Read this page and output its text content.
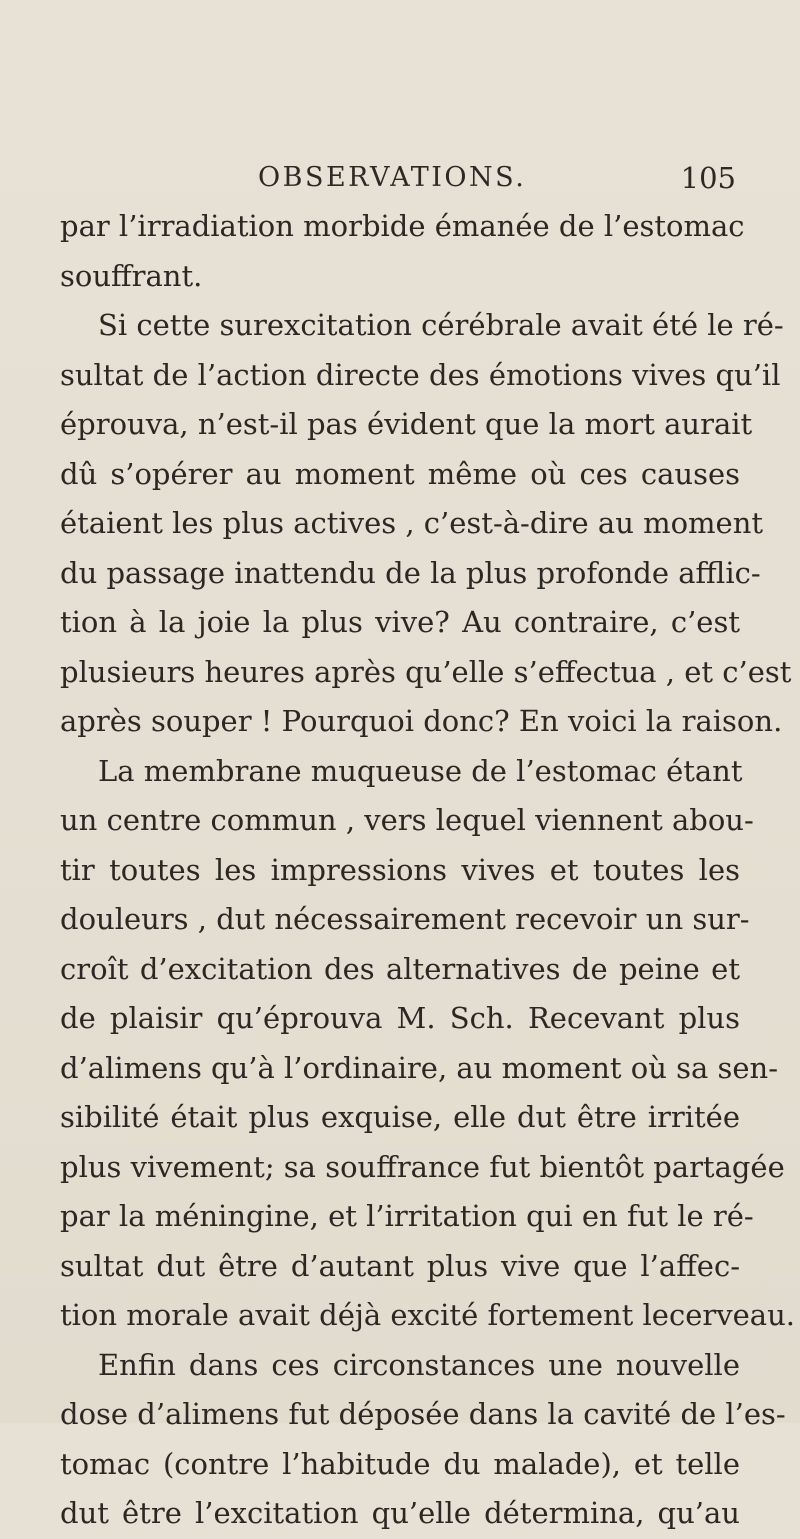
OBSERVATIONS.	105
par l’irradiation morbide émanée de l’estomac
souffrant.
Si cette surexcitation cérébrale avait été le ré-
sultat de l’action directe des émotions vives qu’il
éprouva, n’est-il pas évident que la mort aurait
dû s’opérer au moment même où ces causes
étaient les plus actives , c’est-à-dire au moment
du passage inattendu de la plus profonde afflic-
tion à la joie la plus vive? Au contraire, c’est
plusieurs heures après qu’elle s’effectua , et c’est
après souper ! Pourquoi donc? En voici la raison.
La membrane muqueuse de l’estomac étant
un centre commun , vers lequel viennent abou-
tir toutes les impressions vives et toutes les
douleurs , dut nécessairement recevoir un sur-
croît d’excitation des alternatives de peine et
de plaisir qu’éprouva M. Sch. Recevant plus
d’alimens qu’à l’ordinaire, au moment où sa sen-
sibilité était plus exquise, elle dut être irritée
plus vivement; sa souffrance fut bientôt partagée
par la méningine, et l’irritation qui en fut le ré-
sultat dut être d’autant plus vive que l’affec-
tion morale avait déjà excité fortement lecerveau.
Enfin dans ces circonstances une nouvelle
dose d’alimens fut déposée dans la cavité de l’es-
tomac (contre l’habitude du malade), et telle
dut être l’excitation qu’elle détermina, qu’au
